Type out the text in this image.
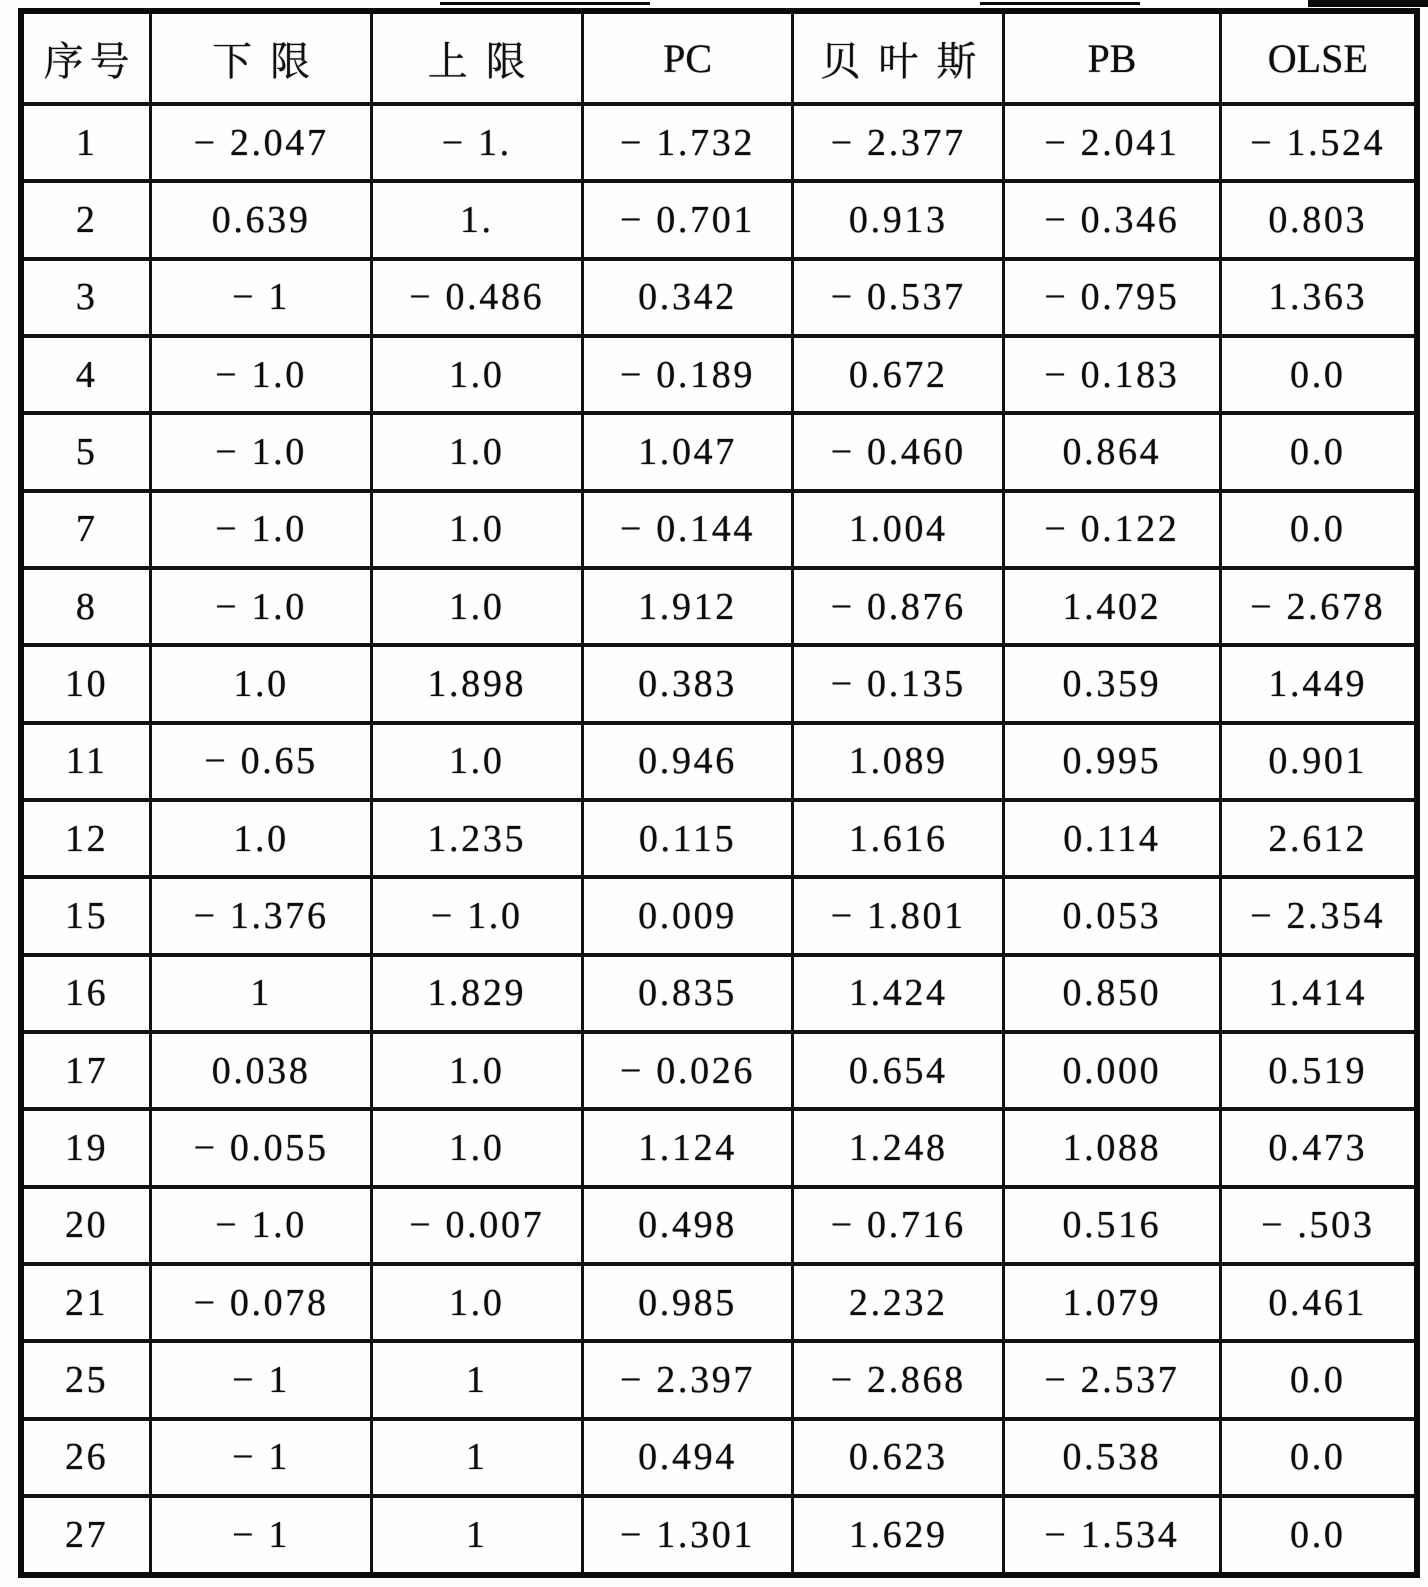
序号	下限	上限	PC	贝叶斯	PB	OLSE
1	− 2.047	− 1.	− 1.732	− 2.377	− 2.041	− 1.524
2	0.639	1.	− 0.701	0.913	− 0.346	0.803
3	− 1	− 0.486	0.342	− 0.537	− 0.795	1.363
4	− 1.0	1.0	− 0.189	0.672	− 0.183	0.0
5	− 1.0	1.0	1.047	− 0.460	0.864	0.0
7	− 1.0	1.0	− 0.144	1.004	− 0.122	0.0
8	− 1.0	1.0	1.912	− 0.876	1.402	− 2.678
10	1.0	1.898	0.383	− 0.135	0.359	1.449
11	− 0.65	1.0	0.946	1.089	0.995	0.901
12	1.0	1.235	0.115	1.616	0.114	2.612
15	− 1.376	− 1.0	0.009	− 1.801	0.053	− 2.354
16	1	1.829	0.835	1.424	0.850	1.414
17	0.038	1.0	− 0.026	0.654	0.000	0.519
19	− 0.055	1.0	1.124	1.248	1.088	0.473
20	− 1.0	− 0.007	0.498	− 0.716	0.516	− .503
21	− 0.078	1.0	0.985	2.232	1.079	0.461
25	− 1	1	− 2.397	− 2.868	− 2.537	0.0
26	− 1	1	0.494	0.623	0.538	0.0
27	− 1	1	− 1.301	1.629	− 1.534	0.0
